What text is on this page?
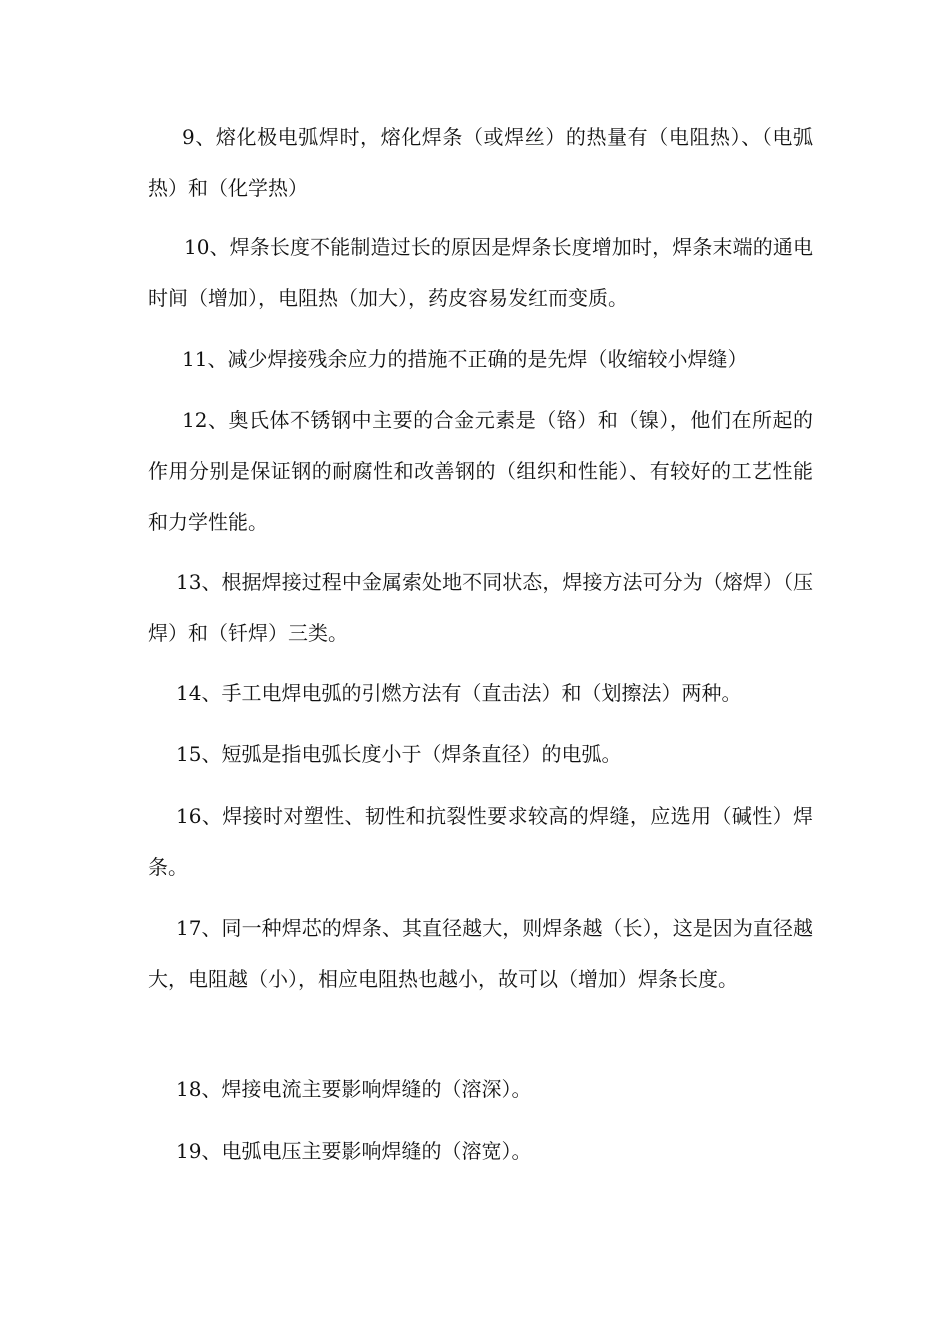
9、熔化极电弧焊时，熔化焊条（或焊丝）的热量有（电阻热）、（电弧热）和（化学热）

10、焊条长度不能制造过长的原因是焊条长度增加时，焊条末端的通电时间（增加），电阻热（加大），药皮容易发红而变质。

11、减少焊接残余应力的措施不正确的是先焊（收缩较小焊缝）

12、奥氏体不锈钢中主要的合金元素是（铬）和（镍），他们在所起的作用分别是保证钢的耐腐性和改善钢的（组织和性能）、有较好的工艺性能和力学性能。

13、根据焊接过程中金属索处地不同状态，焊接方法可分为（熔焊）（压焊）和（钎焊）三类。

14、手工电焊电弧的引燃方法有（直击法）和（划擦法）两种。

15、短弧是指电弧长度小于（焊条直径）的电弧。

16、焊接时对塑性、韧性和抗裂性要求较高的焊缝，应选用（碱性）焊条。

17、同一种焊芯的焊条、其直径越大，则焊条越（长），这是因为直径越大，电阻越（小），相应电阻热也越小，故可以（增加）焊条长度。

18、焊接电流主要影响焊缝的（溶深）。

19、电弧电压主要影响焊缝的（溶宽）。
